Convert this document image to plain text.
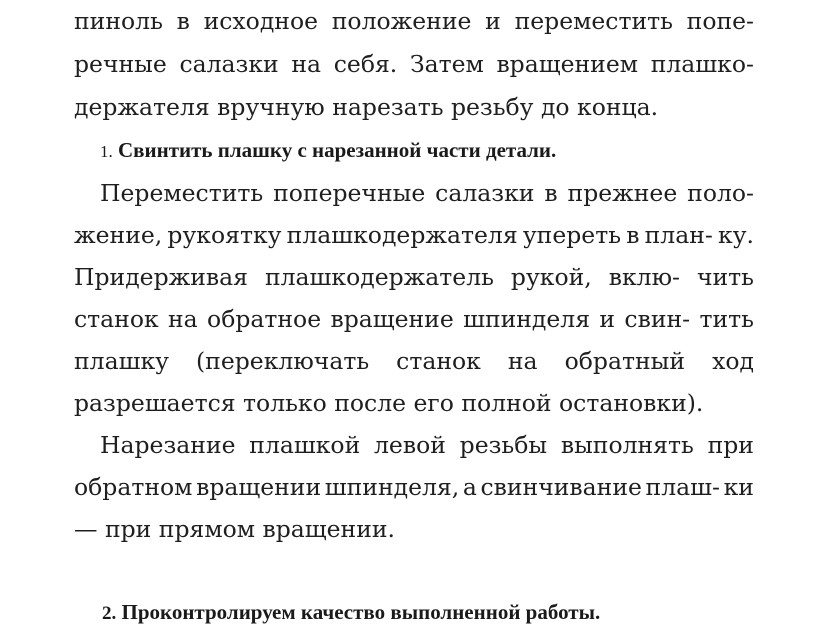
пиноль в исходное положение и переместить попе-
речные салазки на себя. Затем вращением плашко-
держателя вручную нарезать резьбу до конца.
1. Свинтить плашку с нарезанной части детали.
Переместить поперечные салазки в прежнее поло-
жение, рукоятку плашкодержателя упереть в план- ку.
Придерживая плашкодержатель рукой, вклю- чить
станок на обратное вращение шпинделя и свин- тить
плашку (переключать станок на обратный ход
разрешается только после его полной остановки).
Нарезание плашкой левой резьбы выполнять при
обратном вращении шпинделя, а свинчивание плаш- ки
— при прямом вращении.
2. Проконтролируем качество выполненной работы.
